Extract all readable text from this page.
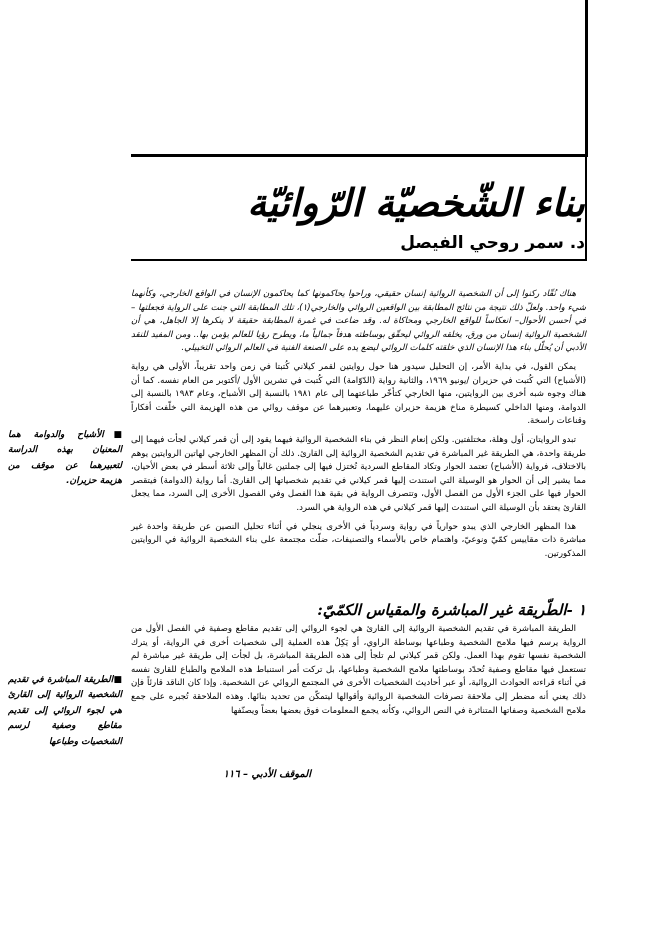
بناء الشّخصيّة الرّوائيّة
د. سمر روحي الفيصل

هناك نُقّاد ركنوا إلى أن الشخصية الروائية إنسان حقيقي، وراحوا يحاكمونها كما يحاكمون الإنسان في الواقع الخارجي، وكأنهما شيء واحد. ولعلّ ذلك نتيجة من نتائج المطابقة بين الواقعين الروائي والخارجي(١)، تلك المطابقة التي جنت على الرواية فجعلتها –في أحسن الأحوال– انعكاساً للواقع الخارجي ومحاكاة له. وقد ضاعت في غمرة المطابقة حقيقة لا ينكرها إلا الجاهل، هي أن الشخصية الروائية إنسان من ورق، يخلقه الروائي ليحقّق بوساطته هدفاً جمالياً ما، ويطرح رؤيا للعالم يؤمن بها.. ومن المفيد للنقد الأدبي أن يُحلّل بناء هذا الإنسان الذي خلقته كلمات الروائي ليضع يده على الصنعة الفنية في العالم الروائي التخييلي.

يمكن القول، في بداية الأمر، إن التحليل سيدور هنا حول روايتين لقمر كيلاني كُتبتا في زمن واحد تقريباً، الأولى هي رواية (الأشباح) التي كُتبت في حزيران /يونيو ١٩٦٩، والثانية رواية (الدّوّامة) التي كُتبت في تشرين الأول /أكتوبر من العام نفسه. كما أن هناك وجوه شبه أخرى بين الروايتين، منها الخارجي كتأخّر طباعتهما إلى عام ١٩٨١ بالنسبة إلى الأشباح، وعام ١٩٨٣ بالنسبة إلى الدوامة، ومنها الداخلي كسيطرة مناخ هزيمة حزيران عليهما، وتعبيرهما عن موقف روائي من هذه الهزيمة التي خلّفت أفكاراً وقناعات راسخة.

تبدو الروايتان، أول وهلة، مختلفتين. ولكن إنعام النظر في بناء الشخصية الروائية فيهما يقود إلى أن قمر كيلاني لجأت فيهما إلى طريقة واحدة، هي الطريقة غير المباشرة في تقديم الشخصية الروائية إلى القارئ. ذلك أن المظهر الخارجي لهاتين الروايتين يوهم بالاختلاف، فرواية (الأشباح) تعتمد الحوار وتكاد المقاطع السردية تُختزل فيها إلى جملتين غالباً وإلى ثلاثة أسطر في بعض الأحيان، مما يشير إلى أن الحوار هو الوسيلة التي استندت إليها قمر كيلاني في تقديم شخصياتها إلى القارئ. أما رواية (الدوامة) فيتقصر الحوار فيها على الجزء الأول من الفصل الأول، وتتصرف الرواية في بقية هذا الفصل وفي الفصول الأخرى إلى السرد، مما يجعل القارئ يعتقد بأن الوسيلة التي استندت إليها قمر كيلاني في هذه الرواية هي السرد.

هذا المظهر الخارجي الذي يبدو حوارياً في رواية وسردياً في الأخرى ينجلي في أثناء تحليل النصين عن طريقة واحدة غير مباشرة ذات مقاييس كمّيّ ونوعيّ، واهتمام خاص بالأسماء والتصنيفات، ضلّت مجتمعة على بناء الشخصية الروائية في الروايتين المذكورتين.

١ -الطّريقة غير المباشرة والمقياس الكمّيّ:

الطريقة المباشرة في تقديم الشخصية الروائية إلى القارئ هي لجوء الروائي إلى تقديم مقاطع وصفية في الفصل الأول من الرواية يرسم فيها ملامح الشخصية وطباعها بوساطة الراوي، أو يَكِلُ هذه العملية إلى شخصيات أخرى في الرواية، أو يترك الشخصية نفسها تقوم بهذا العمل. ولكن قمر كيلاني لم تلجأ إلى هذه الطريقة المباشرة، بل لجأت إلى طريقة غير مباشرة لم تستعمل فيها مقاطع وصفية تُحدّد بوساطتها ملامح الشخصية وطباعها، بل تركت أمر استنباط هذه الملامح والطباع للقارئ نفسه في أثناء قراءته الحوادث الروائية، أو عبر أحاديث الشخصيات الأخرى في المجتمع الروائي عن الشخصية. وإذا كان الناقد قارئاً فإن ذلك يعني أنه مضطر إلى ملاحقة تصرفات الشخصية الروائية وأقوالها ليتمكّن من تحديد بنائها. وهذه الملاحقة تُجبره على جمع ملامح الشخصية وصفاتها المتناثرة في النص الروائي، وكأنه يجمع المعلومات فوق بعضها بعضاً ويصنّفها

■الأشباح والدوامة هما المعنيان بهذه الدراسة لتعبيرهما عن موقف من هزيمة حزيران.
■الطريقة المباشرة في تقديم الشخصية الروائية إلى القارئ هي لجوء الروائي إلى تقديم مقاطع وصفية لرسم الشخصيات وطباعها
الموقف الأدبي – ١١٦
